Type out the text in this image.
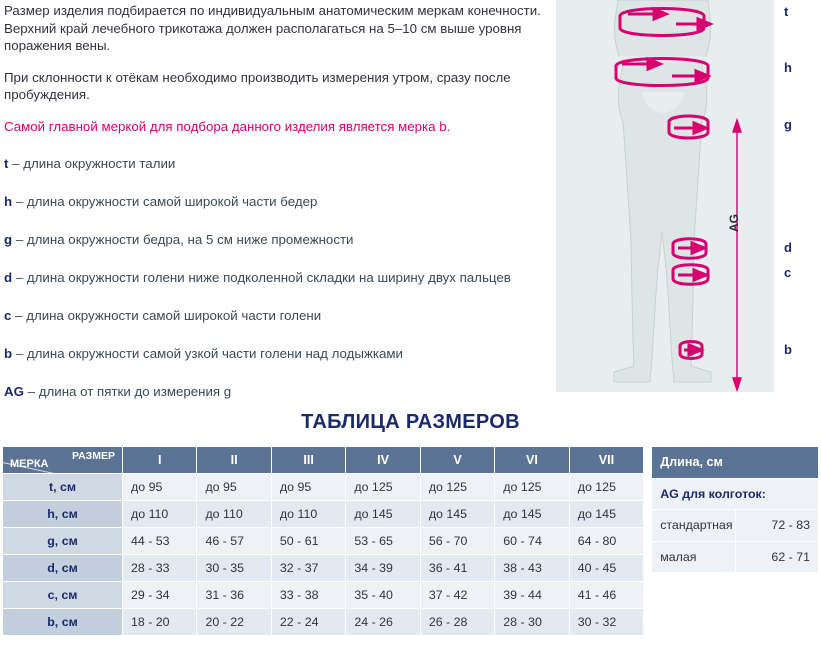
Размер изделия подбирается по индивидуальным анатомическим меркам конечности. Верхний край лечебного трикотажа должен располагаться на 5–10 см выше уровня поражения вены.

При склонности к отёкам необходимо производить измерения утром, сразу после пробуждения.

Самой главной меркой для подбора данного изделия является мерка b.

t – длина окружности талии

h – длина окружности самой широкой части бедер

g – длина окружности бедра, на 5 см ниже промежности

d – длина окружности голени ниже подколенной складки на ширину двух пальцев

c – длина окружности самой широкой части голени

b – длина окружности самой узкой части голени над лодыжками

AG – длина от пятки до измерения g

t
h
g
d
c
b
AG
ТАБЛИЦА РАЗМЕРОВ
РАЗМЕР
МЕРКА	I	II	III	IV	V	VI	VII
t, см	до 95	до 95	до 95	до 125	до 125	до 125	до 125
h, см	до 110	до 110	до 110	до 145	до 145	до 145	до 145
g, см	44 - 53	46 - 57	50 - 61	53 - 65	56 - 70	60 - 74	64 - 80
d, см	28 - 33	30 - 35	32 - 37	34 - 39	36 - 41	38 - 43	40 - 45
c, см	29 - 34	31 - 36	33 - 38	35 - 40	37 - 42	39 - 44	41 - 46
b, см	18 - 20	20 - 22	22 - 24	24 - 26	26 - 28	28 - 30	30 - 32
Длина, см	
AG для колготок:	
стандартная	72 - 83
малая	62 - 71
